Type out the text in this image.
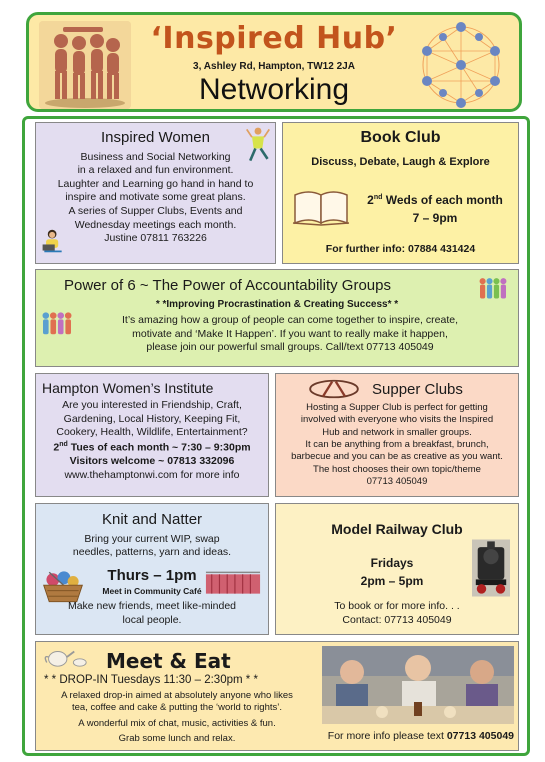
‘Inspired Hub’
3, Ashley Rd, Hampton, TW12 2JA
Networking
Inspired Women
Business and Social Networking
in a relaxed and fun environment.
Laughter and Learning go hand in hand to
inspire and motivate some great plans.
A series of Supper Clubs, Events and
Wednesday meetings each month.
Justine 07811 763226
Book Club
Discuss, Debate, Laugh & Explore
2nd Weds of each month
7 – 9pm
For further info: 07884 431424
Power of 6 ~ The Power of Accountability Groups
* *Improving Procrastination & Creating Success* *
It’s amazing how a group of people can come together to inspire, create,
motivate and ‘Make It Happen’. If you want to really make it happen,
please join our powerful small groups. Call/text 07713 405049
Hampton Women’s Institute
Are you interested in Friendship, Craft,
Gardening, Local History, Keeping Fit,
Cookery, Health, Wildlife, Entertainment?
2nd Tues of each month ~ 7:30 – 9:30pm
Visitors welcome ~ 07813 332096
www.thehamptonwi.com for more info
Supper Clubs
Hosting a Supper Club is perfect for getting
involved with everyone who visits the Inspired
Hub and network in smaller groups.
It can be anything from a breakfast, brunch,
barbecue and you can be as creative as you want.
The host chooses their own topic/theme
07713 405049
Knit and Natter
Bring your current WIP, swap
needles, patterns, yarn and ideas.
Thurs – 1pm
Meet in Community Café
Make new friends, meet like-minded
local people.
Model Railway Club
Fridays
2pm – 5pm
To book or for more info. . .
Contact: 07713 405049
Meet & Eat
* * DROP-IN Tuesdays 11:30 – 2:30pm * *
A relaxed drop-in aimed at absolutely anyone who likes
tea, coffee and cake & putting the ‘world to rights’.
A wonderful mix of chat, music, activities & fun.
Grab some lunch and relax.	For more info please text 07713 405049
